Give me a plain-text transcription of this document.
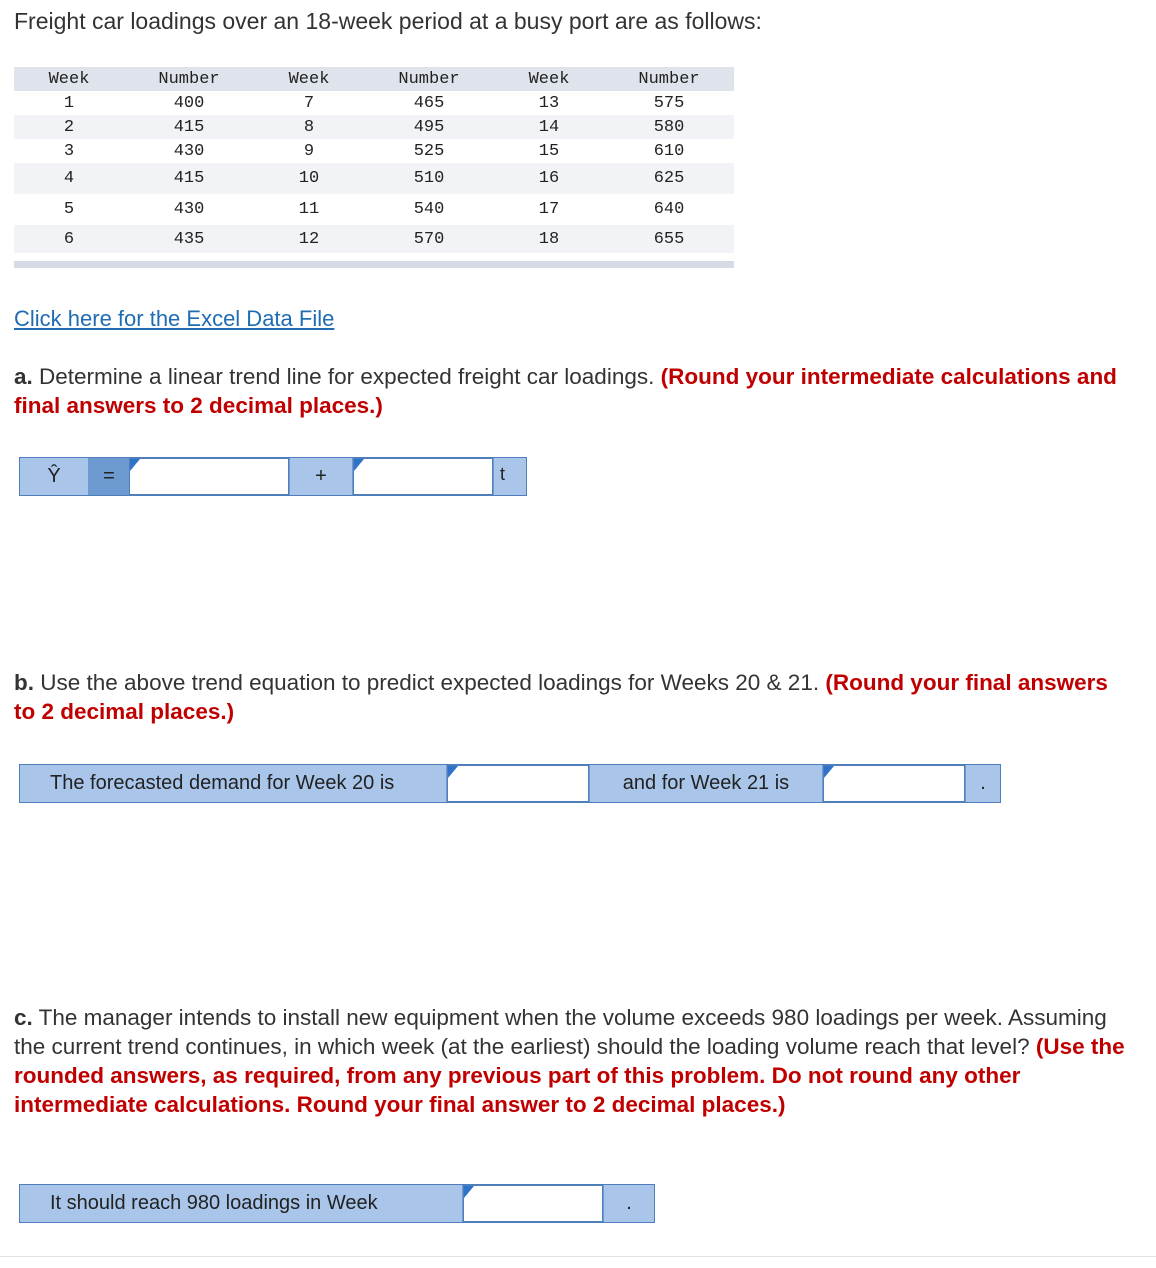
Freight car loadings over an 18-week period at a busy port are as follows:
Week	Number	Week	Number	Week	Number
1	400	7	465	13	575
2	415	8	495	14	580
3	430	9	525	15	610
4	415	10	510	16	625
5	430	11	540	17	640
6	435	12	570	18	655
Click here for the Excel Data File
a. Determine a linear trend line for expected freight car loadings. (Round your intermediate calculations and final answers to 2 decimal places.)
Ŷ	=	+	t
b. Use the above trend equation to predict expected loadings for Weeks 20 & 21. (Round your final answers to 2 decimal places.)
The forecasted demand for Week 20 is	and for Week 21 is	.
c. The manager intends to install new equipment when the volume exceeds 980 loadings per week. Assuming the current trend continues, in which week (at the earliest) should the loading volume reach that level? (Use the rounded answers, as required, from any previous part of this problem. Do not round any other intermediate calculations. Round your final answer to 2 decimal places.)
It should reach 980 loadings in Week	.
